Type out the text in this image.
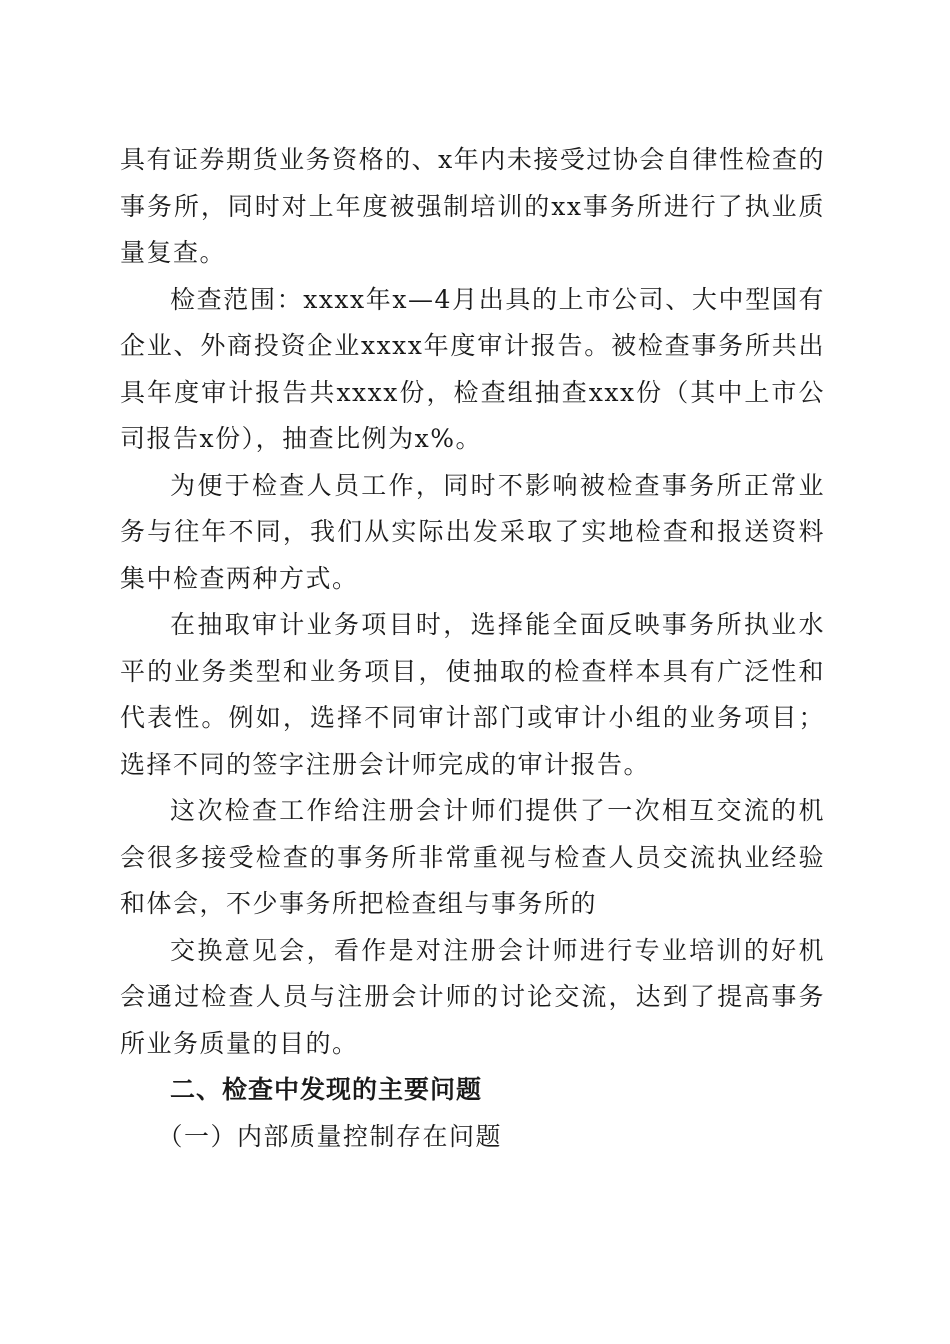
具有证券期货业务资格的、x年内未接受过协会自律性检查的事务所，同时对上年度被强制培训的xx事务所进行了执业质量复查。

检查范围：xxxx年x—4月出具的上市公司、大中型国有企业、外商投资企业xxxx年度审计报告。被检查事务所共出具年度审计报告共xxxx份，检查组抽查xxx份（其中上市公司报告x份），抽查比例为x%。

为便于检查人员工作，同时不影响被检查事务所正常业务与往年不同，我们从实际出发采取了实地检查和报送资料集中检查两种方式。

在抽取审计业务项目时，选择能全面反映事务所执业水平的业务类型和业务项目，使抽取的检查样本具有广泛性和代表性。例如，选择不同审计部门或审计小组的业务项目；选择不同的签字注册会计师完成的审计报告。

这次检查工作给注册会计师们提供了一次相互交流的机会很多接受检查的事务所非常重视与检查人员交流执业经验和体会，不少事务所把检查组与事务所的

交换意见会，看作是对注册会计师进行专业培训的好机会通过检查人员与注册会计师的讨论交流，达到了提高事务所业务质量的目的。

二、检查中发现的主要问题

（一）内部质量控制存在问题
